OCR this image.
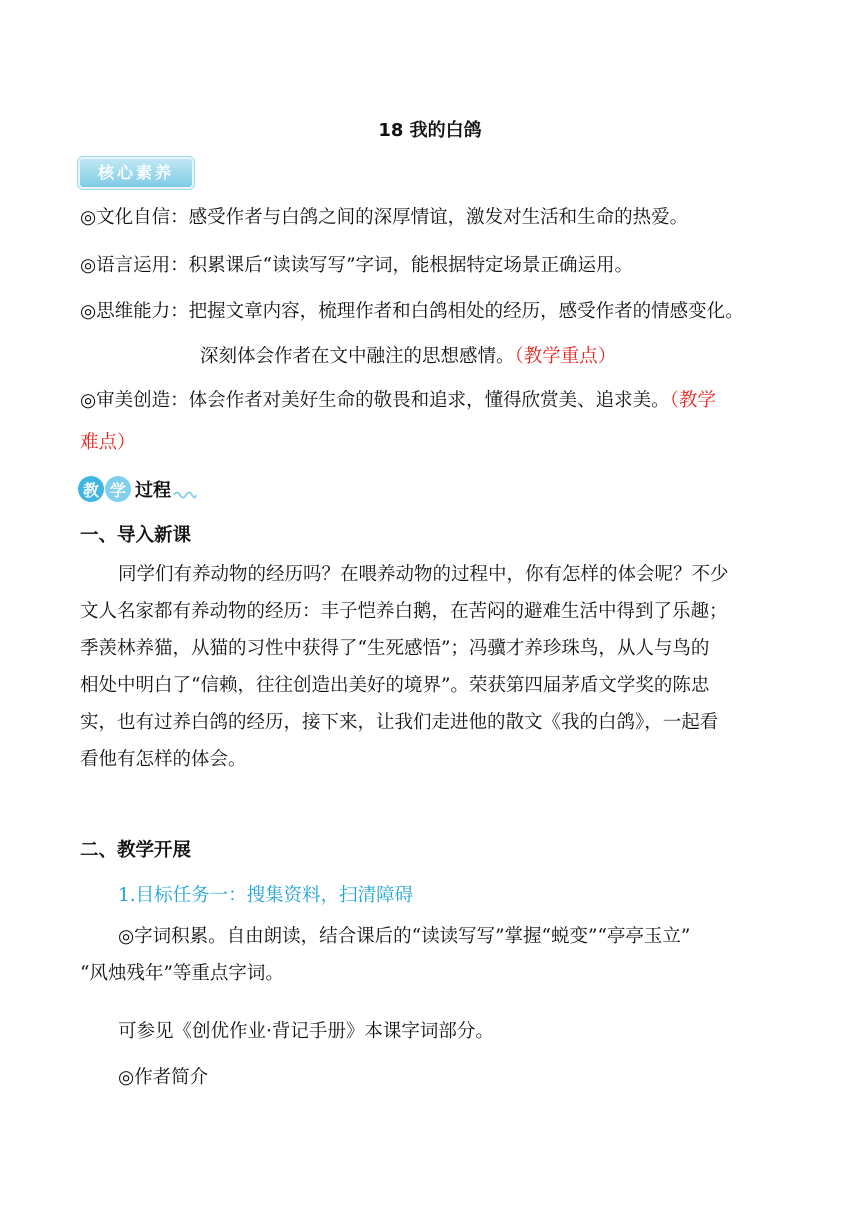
18 我的白鸽
核心素养
◎文化自信：感受作者与白鸽之间的深厚情谊，激发对生活和生命的热爱。
◎语言运用：积累课后“读读写写”字词，能根据特定场景正确运用。
◎思维能力：把握文章内容，梳理作者和白鸽相处的经历，感受作者的情感变化。
深刻体会作者在文中融注的思想感情。（教学重点）
◎审美创造：体会作者对美好生命的敬畏和追求，懂得欣赏美、追求美。（教学
难点）
教 学 过程
一、导入新课
同学们有养动物的经历吗？在喂养动物的过程中，你有怎样的体会呢？不少
文人名家都有养动物的经历：丰子恺养白鹅，在苦闷的避难生活中得到了乐趣；
季羡林养猫，从猫的习性中获得了“生死感悟”；冯骥才养珍珠鸟，从人与鸟的
相处中明白了“信赖，往往创造出美好的境界”。荣获第四届茅盾文学奖的陈忠
实，也有过养白鸽的经历，接下来，让我们走进他的散文《我的白鸽》，一起看
看他有怎样的体会。
二、教学开展
1.目标任务一：搜集资料，扫清障碍
◎字词积累。自由朗读，结合课后的“读读写写”掌握“蜕变”“亭亭玉立”
“风烛残年”等重点字词。
可参见《创优作业·背记手册》本课字词部分。
◎作者简介
